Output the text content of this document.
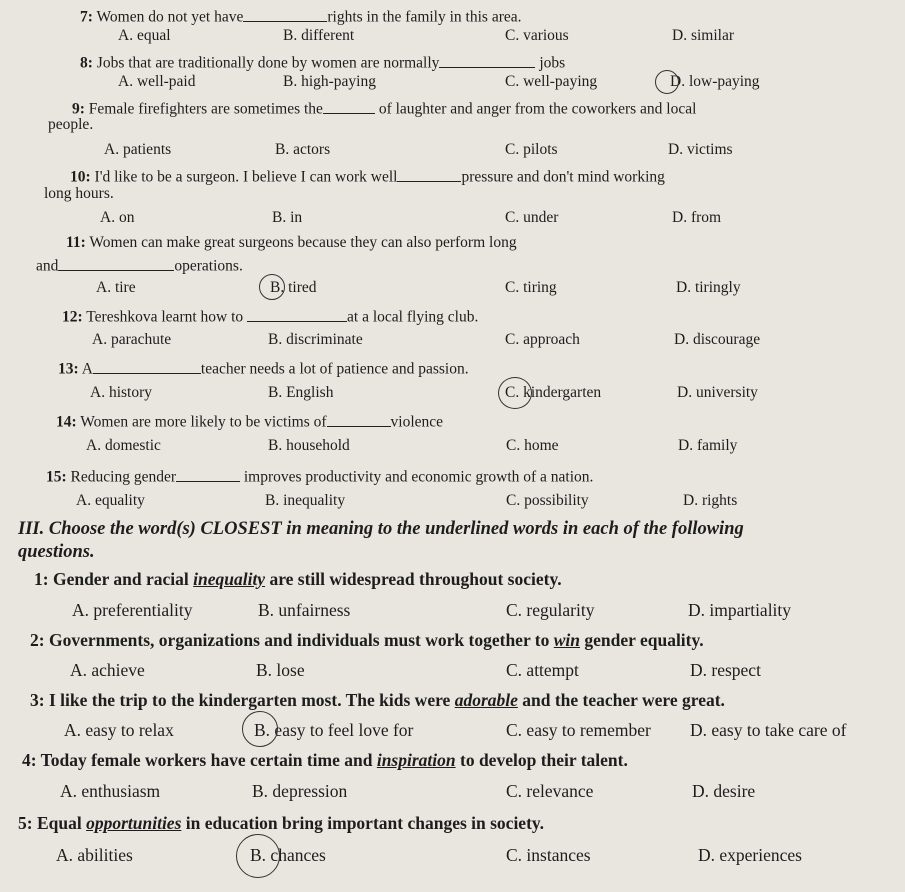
7: Women do not yet have	rights in the family in this area.
A. equal	B. different	C. various	D. similar
8: Jobs that are traditionally done by women are normally	jobs
A. well-paid	B. high-paying	C. well-paying	D. low-paying
9: Female firefighters are sometimes the	of laughter and anger from the coworkers and local
people.
A. patients	B. actors	C. pilots	D. victims
10: I'd like to be a surgeon. I believe I can work well	pressure and don't mind working
long hours.
A. on	B. in	C. under	D. from
11: Women can make great surgeons because they can also perform long
and	operations.
A. tire	B. tired	C. tiring	D. tiringly
12: Tereshkova learnt how to	at a local flying club.
A. parachute	B. discriminate	C. approach	D. discourage
13: A	teacher needs a lot of patience and passion.
A. history	B. English	C. kindergarten	D. university
14: Women are more likely to be victims of	violence
A. domestic	B. household	C. home	D. family
15: Reducing gender	improves productivity and economic growth of a nation.
A. equality	B. inequality	C. possibility	D. rights
III. Choose the word(s) CLOSEST in meaning to the underlined words in each of the following
questions.
1: Gender and racial inequality are still widespread throughout society.
A. preferentiality	B. unfairness	C. regularity	D. impartiality
2: Governments, organizations and individuals must work together to win gender equality.
A. achieve	B. lose	C. attempt	D. respect
3: I like the trip to the kindergarten most. The kids were adorable and the teacher were great.
A. easy to relax	B. easy to feel love for	C. easy to remember D. easy to take care of
4: Today female workers have certain time and inspiration to develop their talent.
A. enthusiasm	B. depression	C. relevance	D. desire
5: Equal opportunities in education bring important changes in society.
A. abilities	B. chances	C. instances	D. experiences
